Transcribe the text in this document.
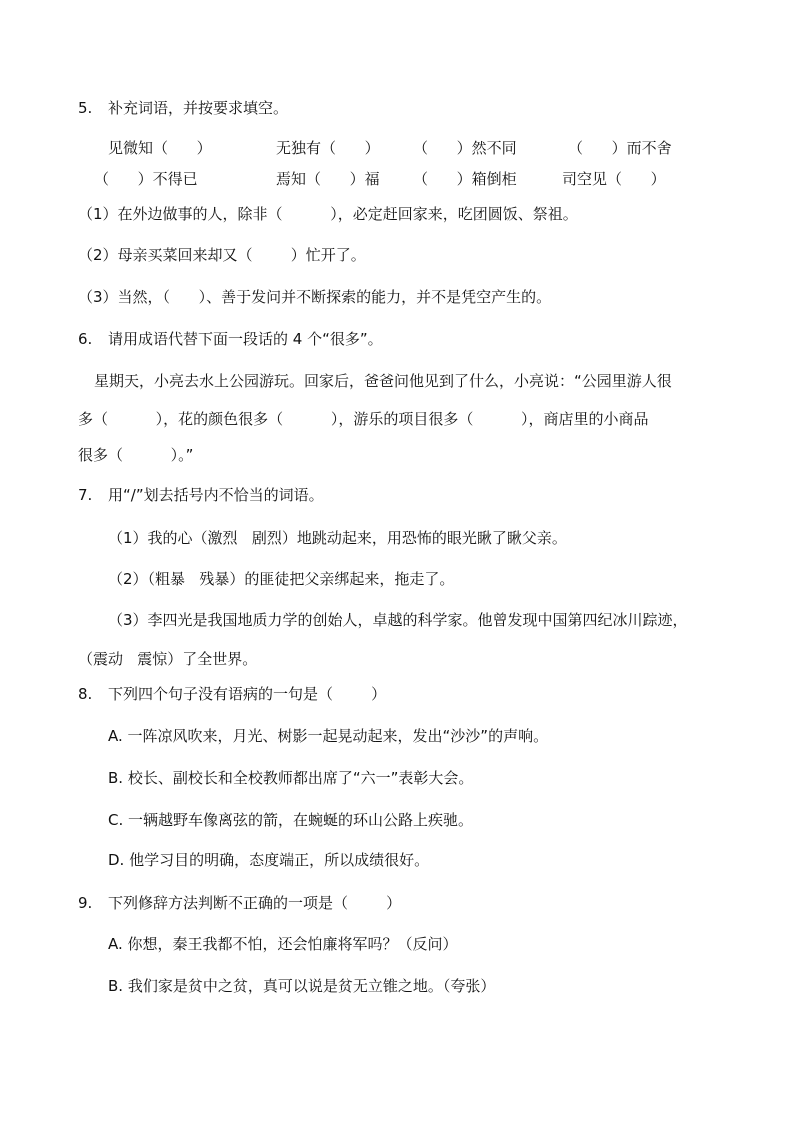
5. 补充词语，并按要求填空。
见微知（      ）	无独有（      ） （      ）然不同	（      ）而不舍
（      ）不得已	焉知（      ）福 （      ）箱倒柜	司空见（      ）
（1）在外边做事的人，除非（          ），必定赶回家来，吃团圆饭、祭祖。
（2）母亲买菜回来却又（        ）忙开了。
（3）当然，（      ）、善于发问并不断探索的能力，并不是凭空产生的。
6. 请用成语代替下面一段话的 4 个“很多”。
星期天，小亮去水上公园游玩。回家后，爸爸问他见到了什么，小亮说：“公园里游人很
多（          ），花的颜色很多（          ），游乐的项目很多（          ），商店里的小商品
很多（          ）。”
7. 用“/”划去括号内不恰当的词语。
（1）我的心（激烈   剧烈）地跳动起来，用恐怖的眼光瞅了瞅父亲。
（2）（粗暴   残暴）的匪徒把父亲绑起来，拖走了。
（3）李四光是我国地质力学的创始人，卓越的科学家。他曾发现中国第四纪冰川踪迹，
（震动   震惊）了全世界。
8. 下列四个句子没有语病的一句是（        ）
A. 一阵凉风吹来，月光、树影一起晃动起来，发出“沙沙”的声响。
B. 校长、副校长和全校教师都出席了“六一”表彰大会。
C. 一辆越野车像离弦的箭，在蜿蜒的环山公路上疾驰。
D. 他学习目的明确，态度端正，所以成绩很好。
9. 下列修辞方法判断不正确的一项是（        ）
A. 你想，秦王我都不怕，还会怕廉将军吗？（反问）
B. 我们家是贫中之贫，真可以说是贫无立锥之地。（夸张）
